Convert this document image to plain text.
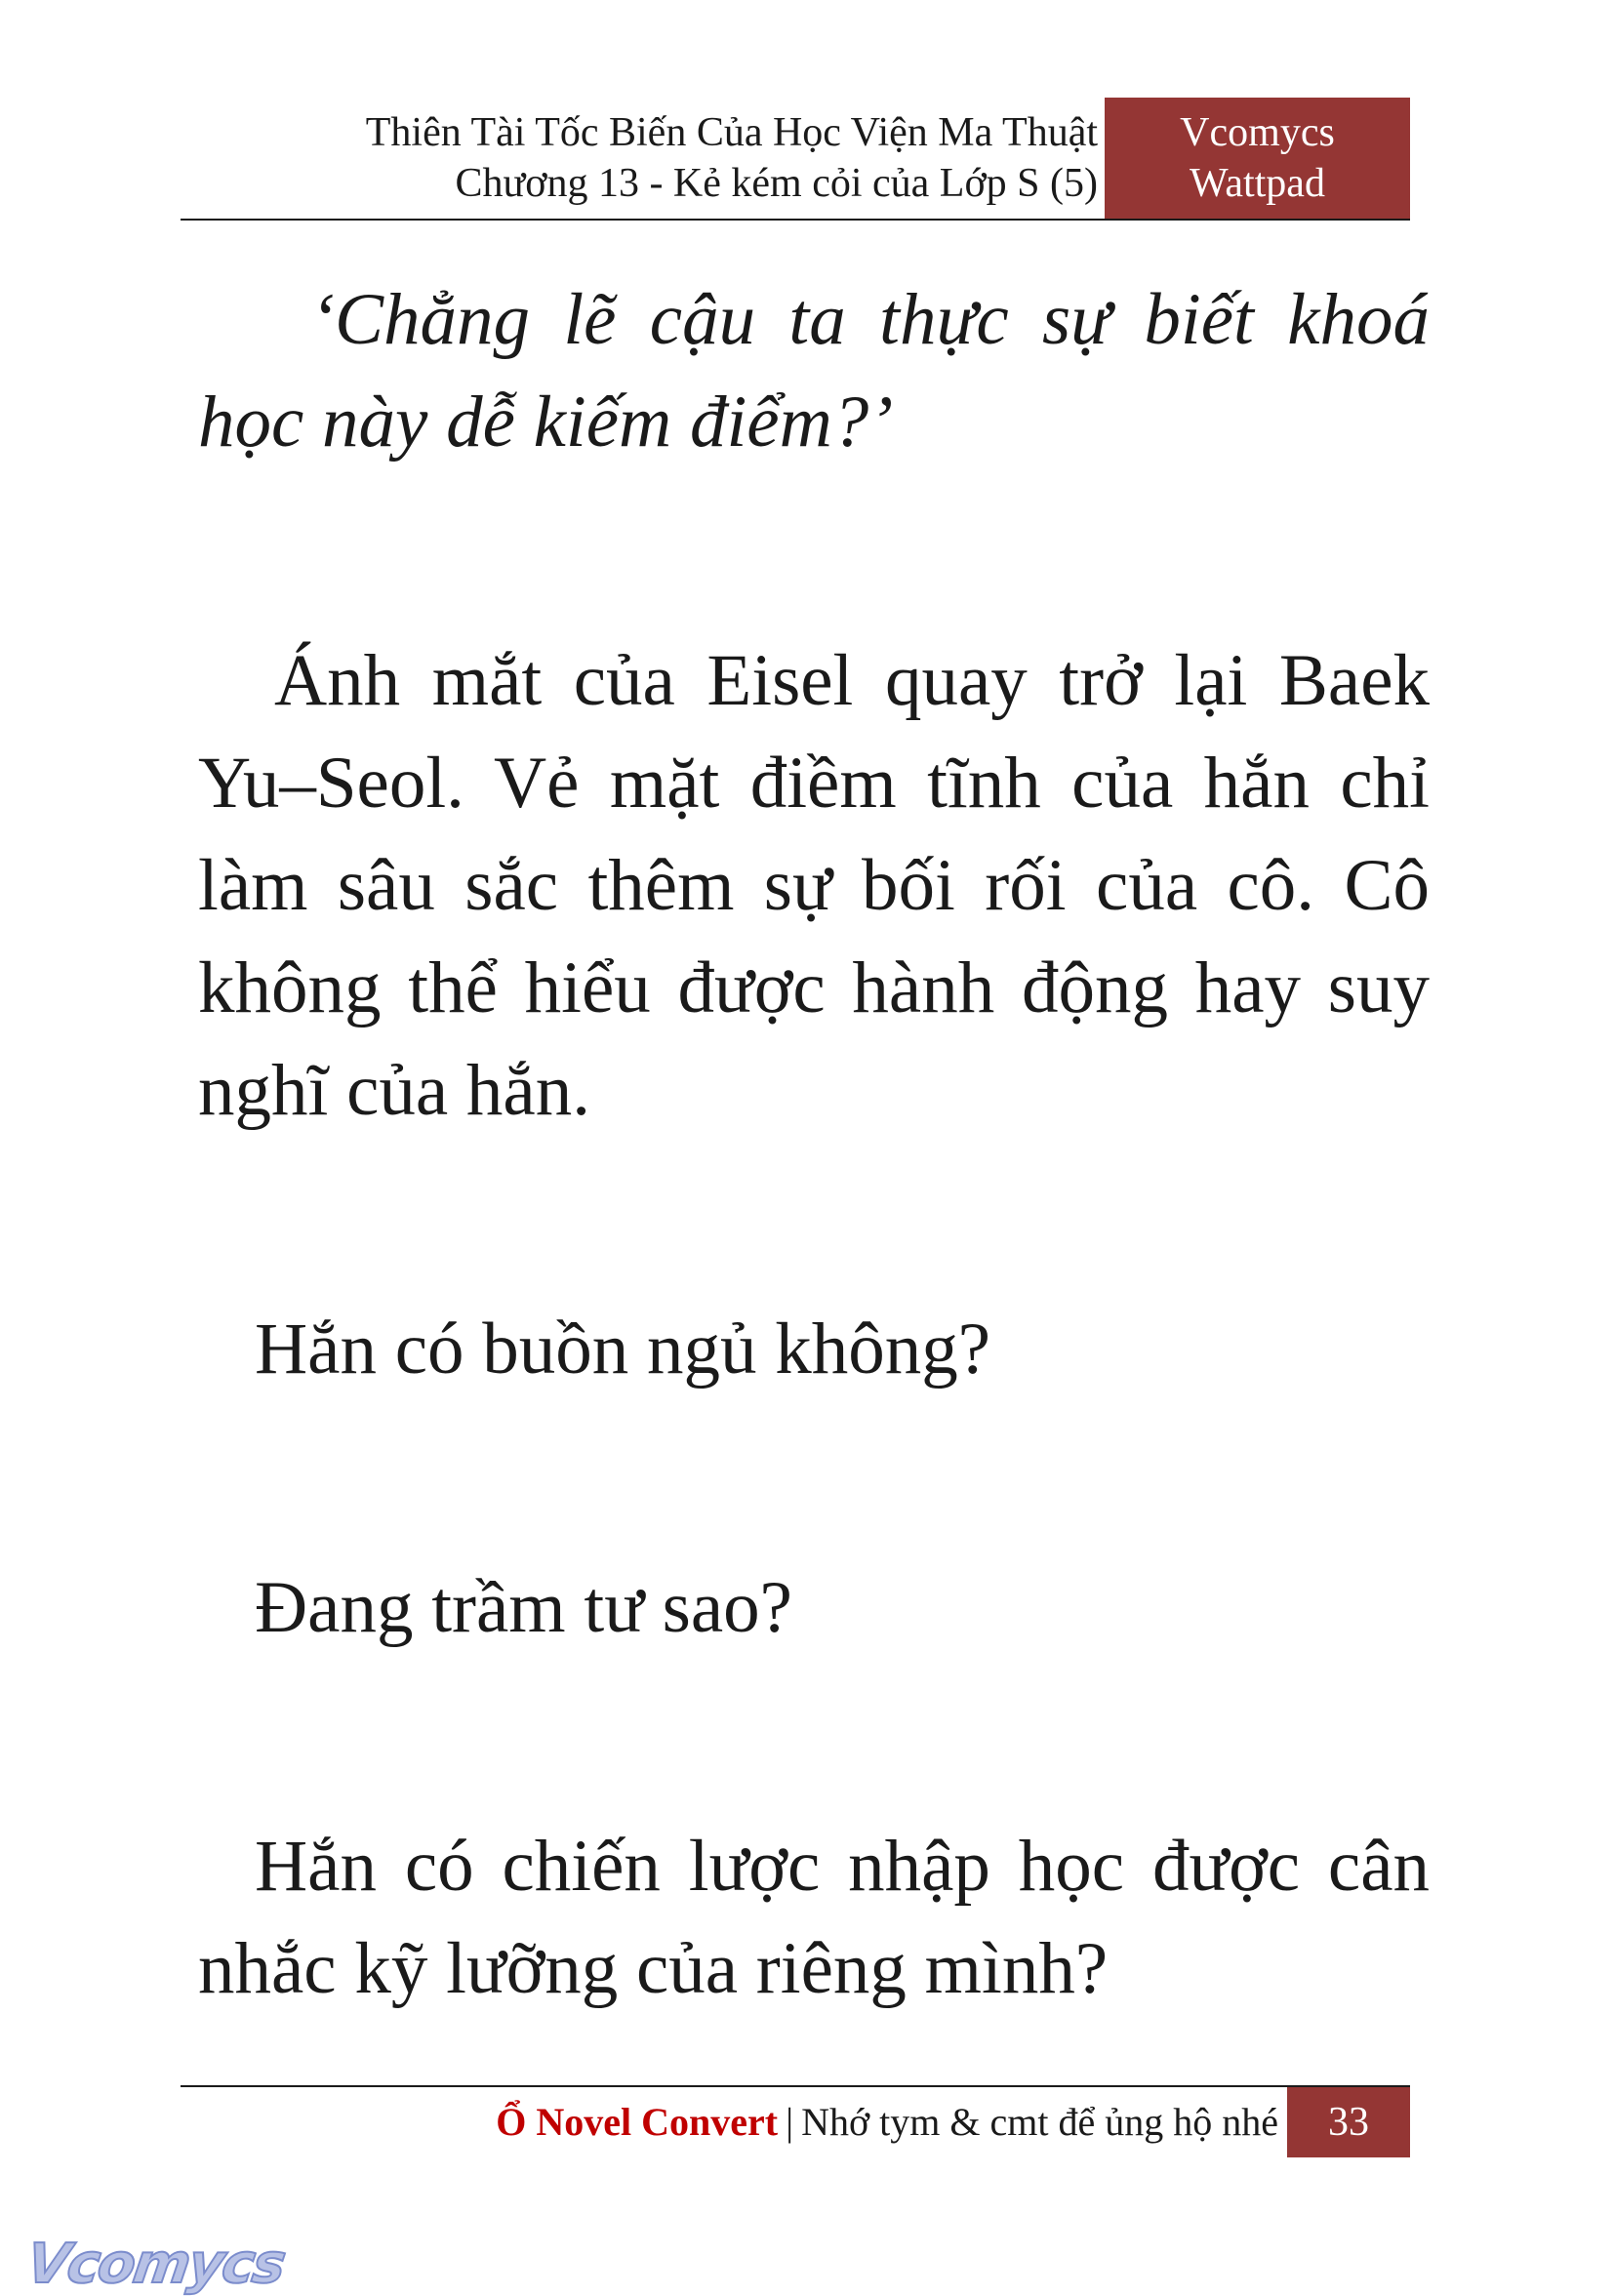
Thiên Tài Tốc Biến Của Học Viện Ma Thuật
Chương 13 - Kẻ kém cỏi của Lớp S (5)
Vcomycs
Wattpad

‘Chẳng lẽ cậu ta thực sự biết khoá học này dễ kiếm điểm?’

Ánh mắt của Eisel quay trở lại Baek Yu–Seol. Vẻ mặt điềm tĩnh của hắn chỉ làm sâu sắc thêm sự bối rối của cô. Cô không thể hiểu được hành động hay suy nghĩ của hắn.

Hắn có buồn ngủ không?

Đang trầm tư sao?

Hắn có chiến lược nhập học được cân nhắc kỹ lưỡng của riêng mình?

Ổ Novel Convert | Nhớ tym & cmt để ủng hộ nhé	33
Vcomycs
